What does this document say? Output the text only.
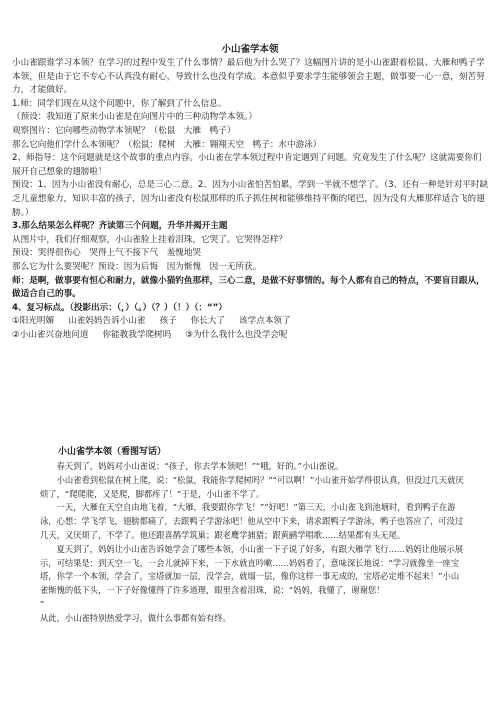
小山雀学本领

小山雀跟谁学习本领？在学习的过程中发生了什么事情？最后他为什么哭了？这幅图片讲的是小山雀跟着松鼠、大雁和鸭子学本领，但是由于它不专心不认真没有耐心，导致什么也没有学成。本意似乎要求学生能够领会主题，做事要一心一意，刻苦努力，才能做好。

1.师：同学们现在从这个问题中，你了解到了什么信息。

（预设：我知道了原来小山雀是在向图片中的三种动物学本领。）

观察图片：它向哪些动物学本领呢？（松鼠　大雁　鸭子）

那么它向他们学什么本领呢？（松鼠：爬树　大雁：翱翔天空　鸭子：水中游泳）

2、师指导：这个问题就是这个故事的重点内容。小山雀在学本领过程中肯定遇到了问题。究竟发生了什么呢？这就需要你们展开自己想象的翅膀啦！

预设：1、因为小山雀没有耐心，总是三心二意。2、因为小山雀怕苦怕累，学到一半就不想学了。（3、还有一种是针对平时缺乏儿童想象力，知识丰富的孩子，因为山雀没有松鼠那样的爪子抓住树和能够维持平衡的尾巴，因为没有大雁那样适合飞的翅膀。）

3.那么结果怎么样呢？齐读第三个问题，升华并揭开主题

从图片中，我们仔细观察，小山雀脸上挂着泪珠，它哭了。它哭得怎样？

预设：哭得很伤心　哭得上气不接下气　羞愧地哭

那么它为什么要哭呢？预设：因为后悔　因为惭愧　因一无所获。

师：是啊，做事要有恒心和耐力，就像小猫钓鱼那样，三心二意，是做不好事情的。每个人都有自己的特点，不要盲目跟从，做适合自己的事。

4、复习标点。（投影出示：（，）（。）（？）（！）（：“”）

①阳光明媚 山雀妈妈告诉小山雀 孩子 你长大了 该学点本领了
②小山雀兴奋地问道 你能教我学爬树吗 ③为什么我什么也没学会呢
小山雀学本领（看图写话）

春天到了，妈妈对小山雀说：“孩子，你去学本领吧！”“哦，好的。”小山雀说。

小山雀看到松鼠在树上爬，说：“松鼠，我能你学爬树吗？”“可以啊！”小山雀开始学得很认真，但没过几天就厌烦了，“爬爬爬，又是爬，脚都疼了！”于是，小山雀不学了。

一天，大雁在天空自由地飞着，“大雁，我要跟你学飞！”“好吧！”第三天，小山雀飞到池塘时，看到鸭子在游泳，心想：学飞学飞，翅膀都痛了，去跟鸭子学游泳吧！他从空中下来，请求跟鸭子学游泳，鸭子也答应了，可没过几天，又厌烦了，不学了。他还跟喜鹊学筑巢；跟老鹰学捕猎；跟黄鹂学唱歌……结果都有头无尾。

夏天到了，妈妈让小山雀告诉她学会了哪些本领，小山雀一下子说了好多，有跟大雁学飞行……妈妈让他展示展示，可结果是：到天空一飞，一会儿就掉下来，一下水就直吟嗽……妈妈看了，意味深长地说：“学习就像坐一座宝塔，你学一个本领，学会了，宝塔就加一层，没学会，就塌一层，像你这样一事无成的，宝塔必定堆不起来！”小山雀惭愧的低下头，一下子好像懂得了许多道理，眼里含着泪珠，说：“妈妈，我懂了，谢谢您！

”

从此，小山雀特别热爱学习，做什么事都有始有终。
